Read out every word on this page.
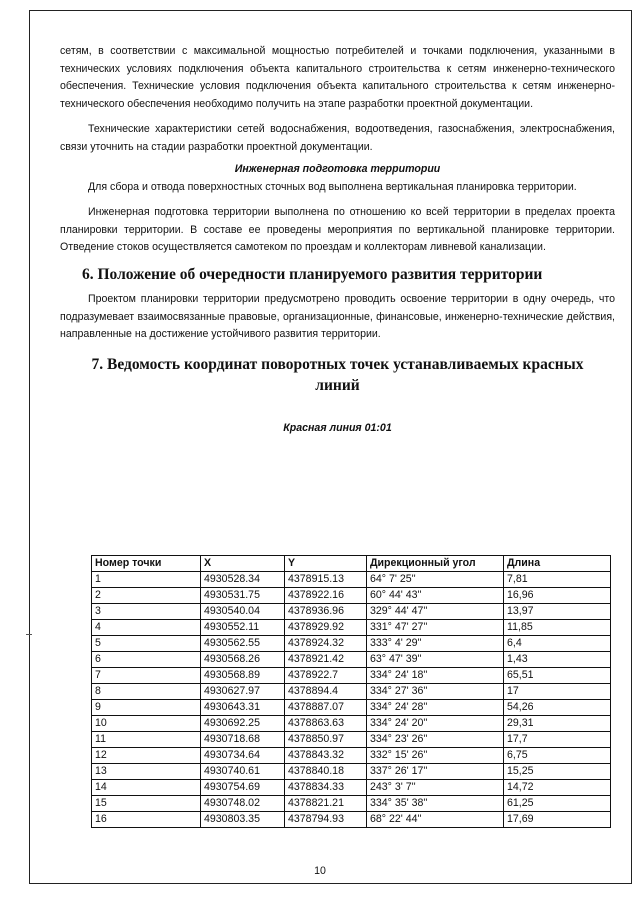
сетям, в соответствии с максимальной мощностью потребителей и точками подключения, указанными в технических условиях подключения объекта капитального строительства к сетям инженерно-технического обеспечения. Технические условия подключения объекта капитального строительства к сетям инженерно-технического обеспечения необходимо получить на этапе разработки проектной документации.

Технические характеристики сетей водоснабжения, водоотведения, газоснабжения, электроснабжения, связи уточнить на стадии разработки проектной документации.

Инженерная подготовка территории

Для сбора и отвода поверхностных сточных вод выполнена вертикальная планировка территории.

Инженерная подготовка территории выполнена по отношению ко всей территории в пределах проекта планировки территории. В составе ее проведены мероприятия по вертикальной планировке территории. Отведение стоков осуществляется самотеком по проездам и коллекторам ливневой канализации.

6. Положение об очередности планируемого развития территории

Проектом планировки территории предусмотрено проводить освоение территории в одну очередь, что подразумевает взаимосвязанные правовые, организационные, финансовые, инженерно-технические действия, направленные на достижение устойчивого развития территории.

7. Ведомость координат поворотных точек устанавливаемых красных линий
Красная линия 01:01
Номер точки	X	Y	Дирекционный угол	Длина
1	4930528.34	4378915.13	64° 7' 25''	7,81
2	4930531.75	4378922.16	60° 44' 43''	16,96
3	4930540.04	4378936.96	329° 44' 47''	13,97
4	4930552.11	4378929.92	331° 47' 27''	11,85
5	4930562.55	4378924.32	333° 4' 29''	6,4
6	4930568.26	4378921.42	63° 47' 39''	1,43
7	4930568.89	4378922.7	334° 24' 18''	65,51
8	4930627.97	4378894.4	334° 27' 36''	17
9	4930643.31	4378887.07	334° 24' 28''	54,26
10	4930692.25	4378863.63	334° 24' 20''	29,31
11	4930718.68	4378850.97	334° 23' 26''	17,7
12	4930734.64	4378843.32	332° 15' 26''	6,75
13	4930740.61	4378840.18	337° 26' 17''	15,25
14	4930754.69	4378834.33	243° 3' 7''	14,72
15	4930748.02	4378821.21	334° 35' 38''	61,25
16	4930803.35	4378794.93	68° 22' 44''	17,69
10
